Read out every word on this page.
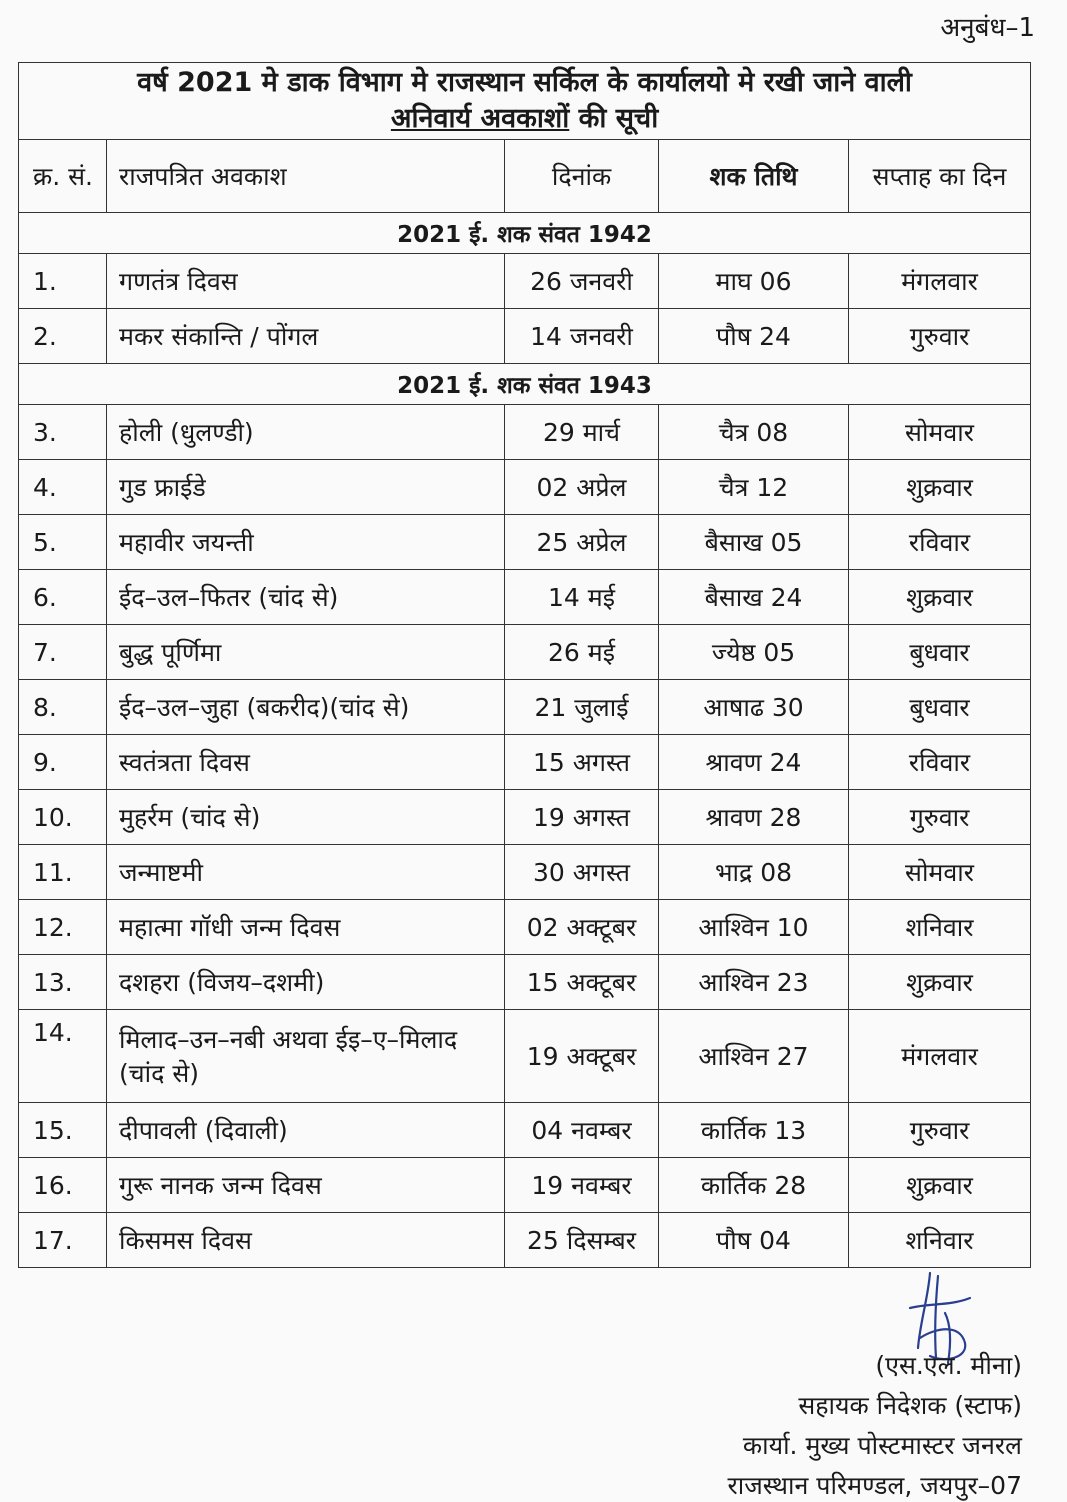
अनुबंध–1
वर्ष 2021 मे डाक विभाग मे राजस्थान सर्किल के कार्यालयो मे रखी जाने वाली
अनिवार्य अवकाशों की सूची				

क्र. सं.	राजपत्रित अवकाश	दिनांक	शक तिथि	सप्ताह का दिन
2021 ई. शक संवत 1942				
1.	गणतंत्र दिवस	26 जनवरी	माघ 06	मंगलवार
2.	मकर संकान्ति / पोंगल	14 जनवरी	पौष 24	गुरुवार
2021 ई. शक संवत 1943				
3.	होली (धुलण्डी)	29 मार्च	चैत्र 08	सोमवार
4.	गुड फ्राईडे	02 अप्रेल	चैत्र 12	शुक्रवार
5.	महावीर जयन्ती	25 अप्रेल	बैसाख 05	रविवार
6.	ईद–उल–फितर (चांद से)	14 मई	बैसाख 24	शुक्रवार
7.	बुद्ध पूर्णिमा	26 मई	ज्येष्ठ 05	बुधवार
8.	ईद–उल–जुहा (बकरीद)(चांद से)	21 जुलाई	आषाढ 30	बुधवार
9.	स्वतंत्रता दिवस	15 अगस्त	श्रावण 24	रविवार
10.	मुहर्रम (चांद से)	19 अगस्त	श्रावण 28	गुरुवार
11.	जन्माष्टमी	30 अगस्त	भाद्र 08	सोमवार
12.	महात्मा गॉधी जन्म दिवस	02 अक्टूबर	आश्विन 10	शनिवार
13.	दशहरा (विजय–दशमी)	15 अक्टूबर	आश्विन 23	शुक्रवार
14.	मिलाद–उन–नबी अथवा ईइ–ए–मिलाद (चांद से)	19 अक्टूबर	आश्विन 27	मंगलवार
15.	दीपावली (दिवाली)	04 नवम्बर	कार्तिक 13	गुरुवार
16.	गुरू नानक जन्म दिवस	19 नवम्बर	कार्तिक 28	शुक्रवार
17.	किसमस दिवस	25 दिसम्बर	पौष 04	शनिवार
(एस.एल. मीना)
सहायक निदेशक (स्टाफ)
कार्या. मुख्य पोस्टमास्टर जनरल
राजस्थान परिमण्डल, जयपुर–07
